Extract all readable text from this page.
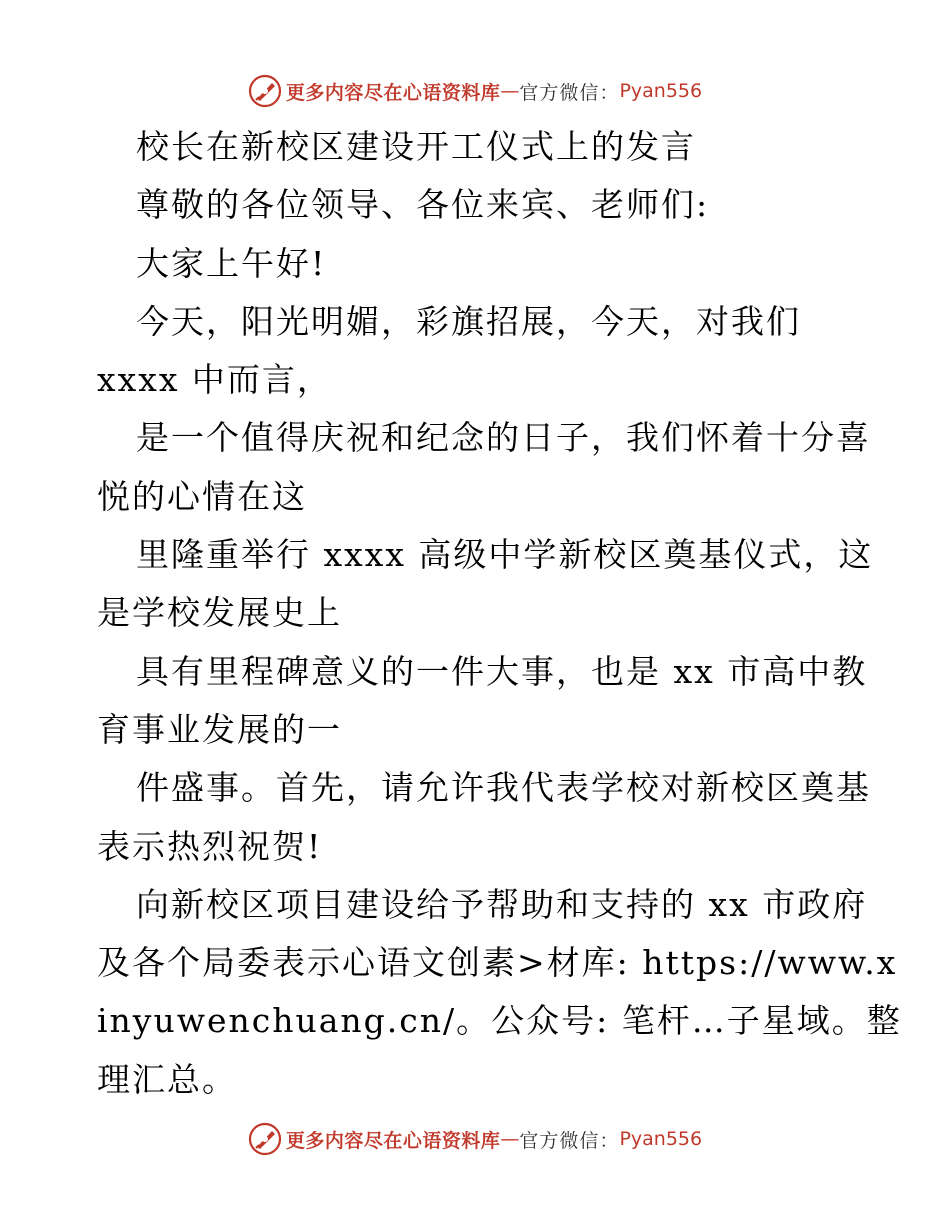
更多内容尽在心语资料库 — 官方微信： Pyan556
校长在新校区建设开工仪式上的发言
尊敬的各位领导、各位来宾、老师们:
大家上午好!
今天，阳光明媚，彩旗招展，今天，对我们
xxxx 中而言，
是一个值得庆祝和纪念的日子，我们怀着十分喜
悦的心情在这
里隆重举行 xxxx 高级中学新校区奠基仪式，这
是学校发展史上
具有里程碑意义的一件大事，也是 xx 市高中教
育事业发展的一
件盛事。首先，请允许我代表学校对新校区奠基
表示热烈祝贺!
向新校区项目建设给予帮助和支持的 xx 市政府
及各个局委表示心语文创素>材库: https://www.x
inyuwenchuang.cn/。公众号: 笔杆…子星域。整
理汇总。
更多内容尽在心语资料库 — 官方微信： Pyan556
